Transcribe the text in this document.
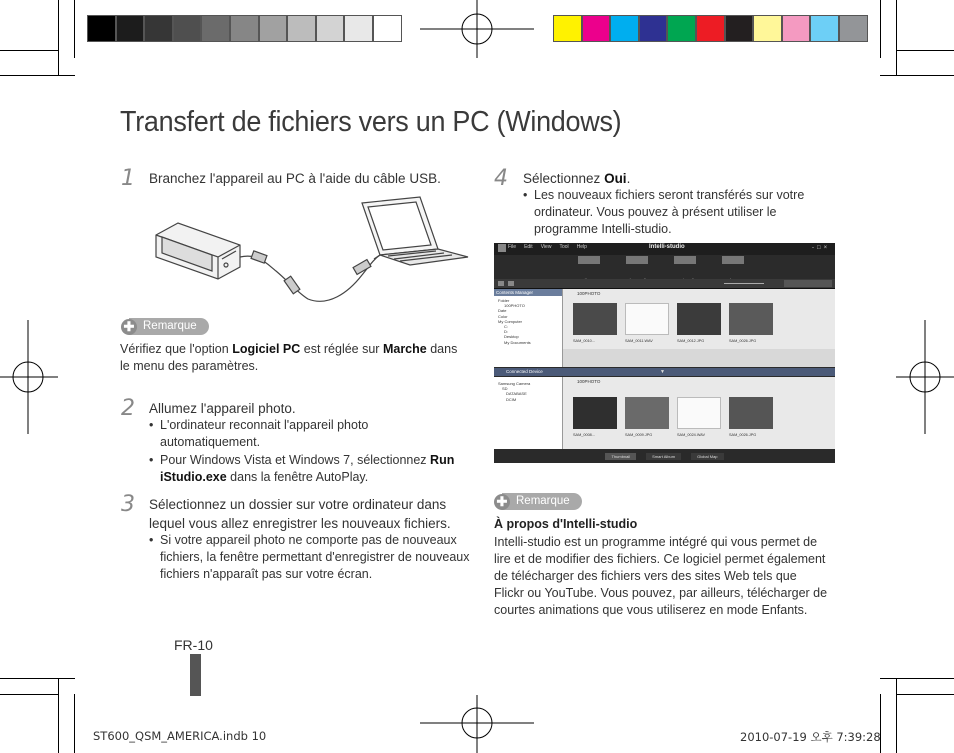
Transfert de fichiers vers un PC (Windows)
1 Branchez l'appareil au PC à l'aide du câble USB.
✚ Remarque
Vérifiez que l'option Logiciel PC est réglée sur Marche dans le menu des paramètres.
2 Allumez l'appareil photo.
• L'ordinateur reconnait l'appareil photo automatiquement.
• Pour Windows Vista et Windows 7, sélectionnez Run iStudio.exe dans la fenêtre AutoPlay.
3 Sélectionnez un dossier sur votre ordinateur dans lequel vous allez enregistrer les nouveaux fichiers.
• Si votre appareil photo ne comporte pas de nouveaux fichiers, la fenêtre permettant d'enregistrer de nouveaux fichiers n'apparaît pas sur votre écran.
4 Sélectionnez Oui.
• Les nouveaux fichiers seront transférés sur votre ordinateur. Vous pouvez à présent utiliser le programme Intelli-studio.
File Edit View Tool Help	Intelli-studio	-□×
Contents Manager
Folder
100PHOTO
Date
Color
My Computer
C:
D:
Desktop
My Documents
100PHOTO
SAM_0010...	SAM_0011.WAV	SAM_0012.JPG	SAM_0026.JPG
Connected Device	▼
Samsung Camera
SD
DATABASE
DCIM
100PHOTO
SAM_0008...	SAM_0009.JPG	SAM_0024.WAV	SAM_0026.JPG
Thumbnail	Smart Album	Global Map
✚ Remarque
À propos d'Intelli-studio
Intelli-studio est un programme intégré qui vous permet de lire et de modifier des fichiers. Ce logiciel permet également de télécharger des fichiers vers des sites Web tels que Flickr ou YouTube. Vous pouvez, par ailleurs, télécharger de courtes animations que vous utiliserez en mode Enfants.
FR-10
ST600_QSM_AMERICA.indb 10	2010-07-19 오후 7:39:28
